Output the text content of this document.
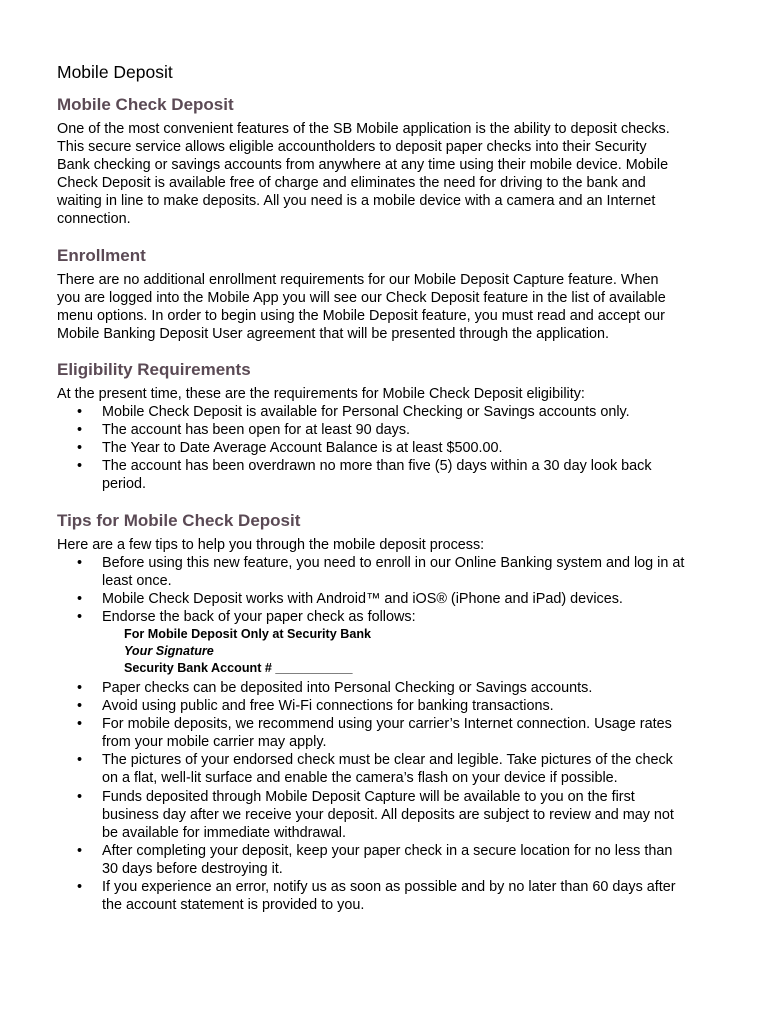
Mobile Deposit
Mobile Check Deposit
One of the most convenient features of the SB Mobile application is the ability to deposit checks.
This secure service allows eligible accountholders to deposit paper checks into their Security
Bank checking or savings accounts from anywhere at any time using their mobile device. Mobile
Check Deposit is available free of charge and eliminates the need for driving to the bank and
waiting in line to make deposits. All you need is a mobile device with a camera and an Internet
connection.
Enrollment
There are no additional enrollment requirements for our Mobile Deposit Capture feature. When
you are logged into the Mobile App you will see our Check Deposit feature in the list of available
menu options. In order to begin using the Mobile Deposit feature, you must read and accept our
Mobile Banking Deposit User agreement that will be presented through the application.
Eligibility Requirements
At the present time, these are the requirements for Mobile Check Deposit eligibility:
•	Mobile Check Deposit is available for Personal Checking or Savings accounts only.
•	The account has been open for at least 90 days.
•	The Year to Date Average Account Balance is at least $500.00.
•	The account has been overdrawn no more than five (5) days within a 30 day look back
period.
Tips for Mobile Check Deposit
Here are a few tips to help you through the mobile deposit process:
•	Before using this new feature, you need to enroll in our Online Banking system and log in at
least once.
•	Mobile Check Deposit works with Android™ and iOS® (iPhone and iPad) devices.
•	Endorse the back of your paper check as follows:
For Mobile Deposit Only at Security Bank
Your Signature
Security Bank Account # ___________
•	Paper checks can be deposited into Personal Checking or Savings accounts.
•	Avoid using public and free Wi-Fi connections for banking transactions.
•	For mobile deposits, we recommend using your carrier’s Internet connection. Usage rates
from your mobile carrier may apply.
•	The pictures of your endorsed check must be clear and legible. Take pictures of the check
on a flat, well-lit surface and enable the camera’s flash on your device if possible.
•	Funds deposited through Mobile Deposit Capture will be available to you on the first
business day after we receive your deposit. All deposits are subject to review and may not
be available for immediate withdrawal.
•	After completing your deposit, keep your paper check in a secure location for no less than
30 days before destroying it.
•	If you experience an error, notify us as soon as possible and by no later than 60 days after
the account statement is provided to you.
